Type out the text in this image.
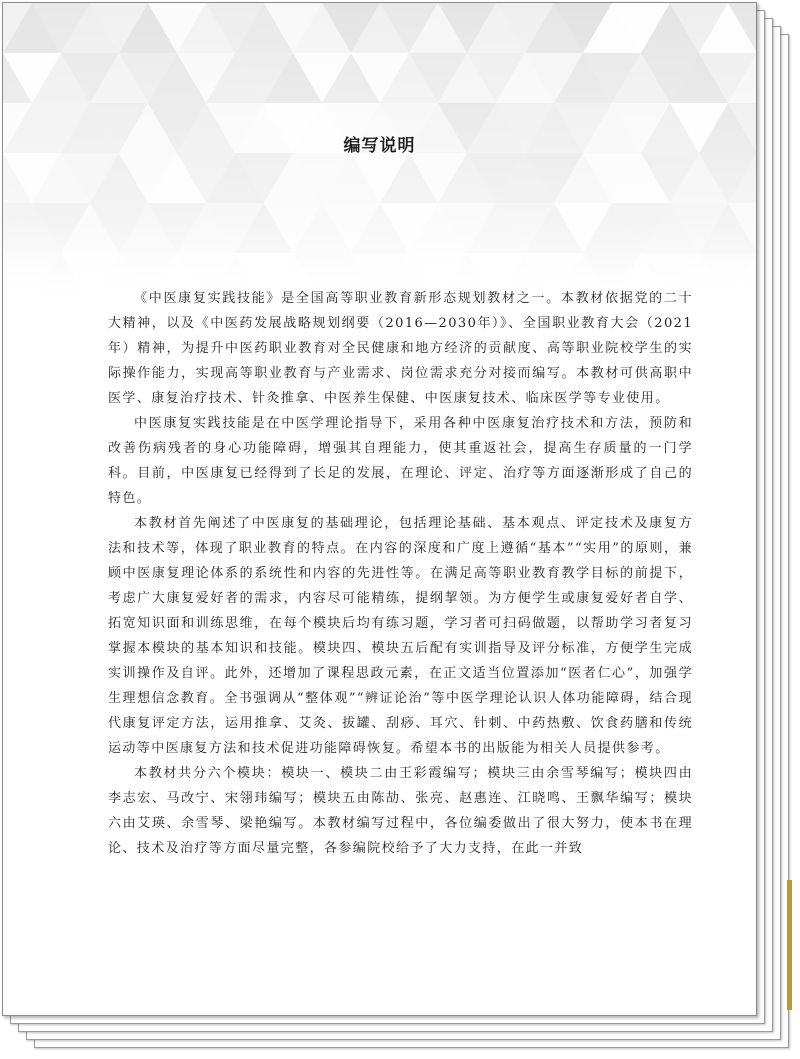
编写说明

《中医康复实践技能》是全国高等职业教育新形态规划教材之一。本教材依据党的二十大精神，以及《中医药发展战略规划纲要（2016—2030年）》、全国职业教育大会（2021年）精神，为提升中医药职业教育对全民健康和地方经济的贡献度、高等职业院校学生的实际操作能力，实现高等职业教育与产业需求、岗位需求充分对接而编写。本教材可供高职中医学、康复治疗技术、针灸推拿、中医养生保健、中医康复技术、临床医学等专业使用。

中医康复实践技能是在中医学理论指导下，采用各种中医康复治疗技术和方法，预防和改善伤病残者的身心功能障碍，增强其自理能力，使其重返社会，提高生存质量的一门学科。目前，中医康复已经得到了长足的发展，在理论、评定、治疗等方面逐渐形成了自己的特色。

本教材首先阐述了中医康复的基础理论，包括理论基础、基本观点、评定技术及康复方法和技术等，体现了职业教育的特点。在内容的深度和广度上遵循“基本”“实用”的原则，兼顾中医康复理论体系的系统性和内容的先进性等。在满足高等职业教育教学目标的前提下，考虑广大康复爱好者的需求，内容尽可能精练，提纲挈领。为方便学生或康复爱好者自学、拓宽知识面和训练思维，在每个模块后均有练习题，学习者可扫码做题，以帮助学习者复习掌握本模块的基本知识和技能。模块四、模块五后配有实训指导及评分标准，方便学生完成实训操作及自评。此外，还增加了课程思政元素，在正文适当位置添加“医者仁心”，加强学生理想信念教育。全书强调从“整体观”“辨证论治”等中医学理论认识人体功能障碍，结合现代康复评定方法，运用推拿、艾灸、拔罐、刮痧、耳穴、针刺、中药热敷、饮食药膳和传统运动等中医康复方法和技术促进功能障碍恢复。希望本书的出版能为相关人员提供参考。

本教材共分六个模块：模块一、模块二由王彩霞编写；模块三由余雪琴编写；模块四由李志宏、马改宁、宋翎玮编写；模块五由陈劼、张亮、赵惠连、江晓鸣、王飘华编写；模块六由艾瑛、余雪琴、梁艳编写。本教材编写过程中，各位编委做出了很大努力，使本书在理论、技术及治疗等方面尽量完整，各参编院校给予了大力支持，在此一并致
